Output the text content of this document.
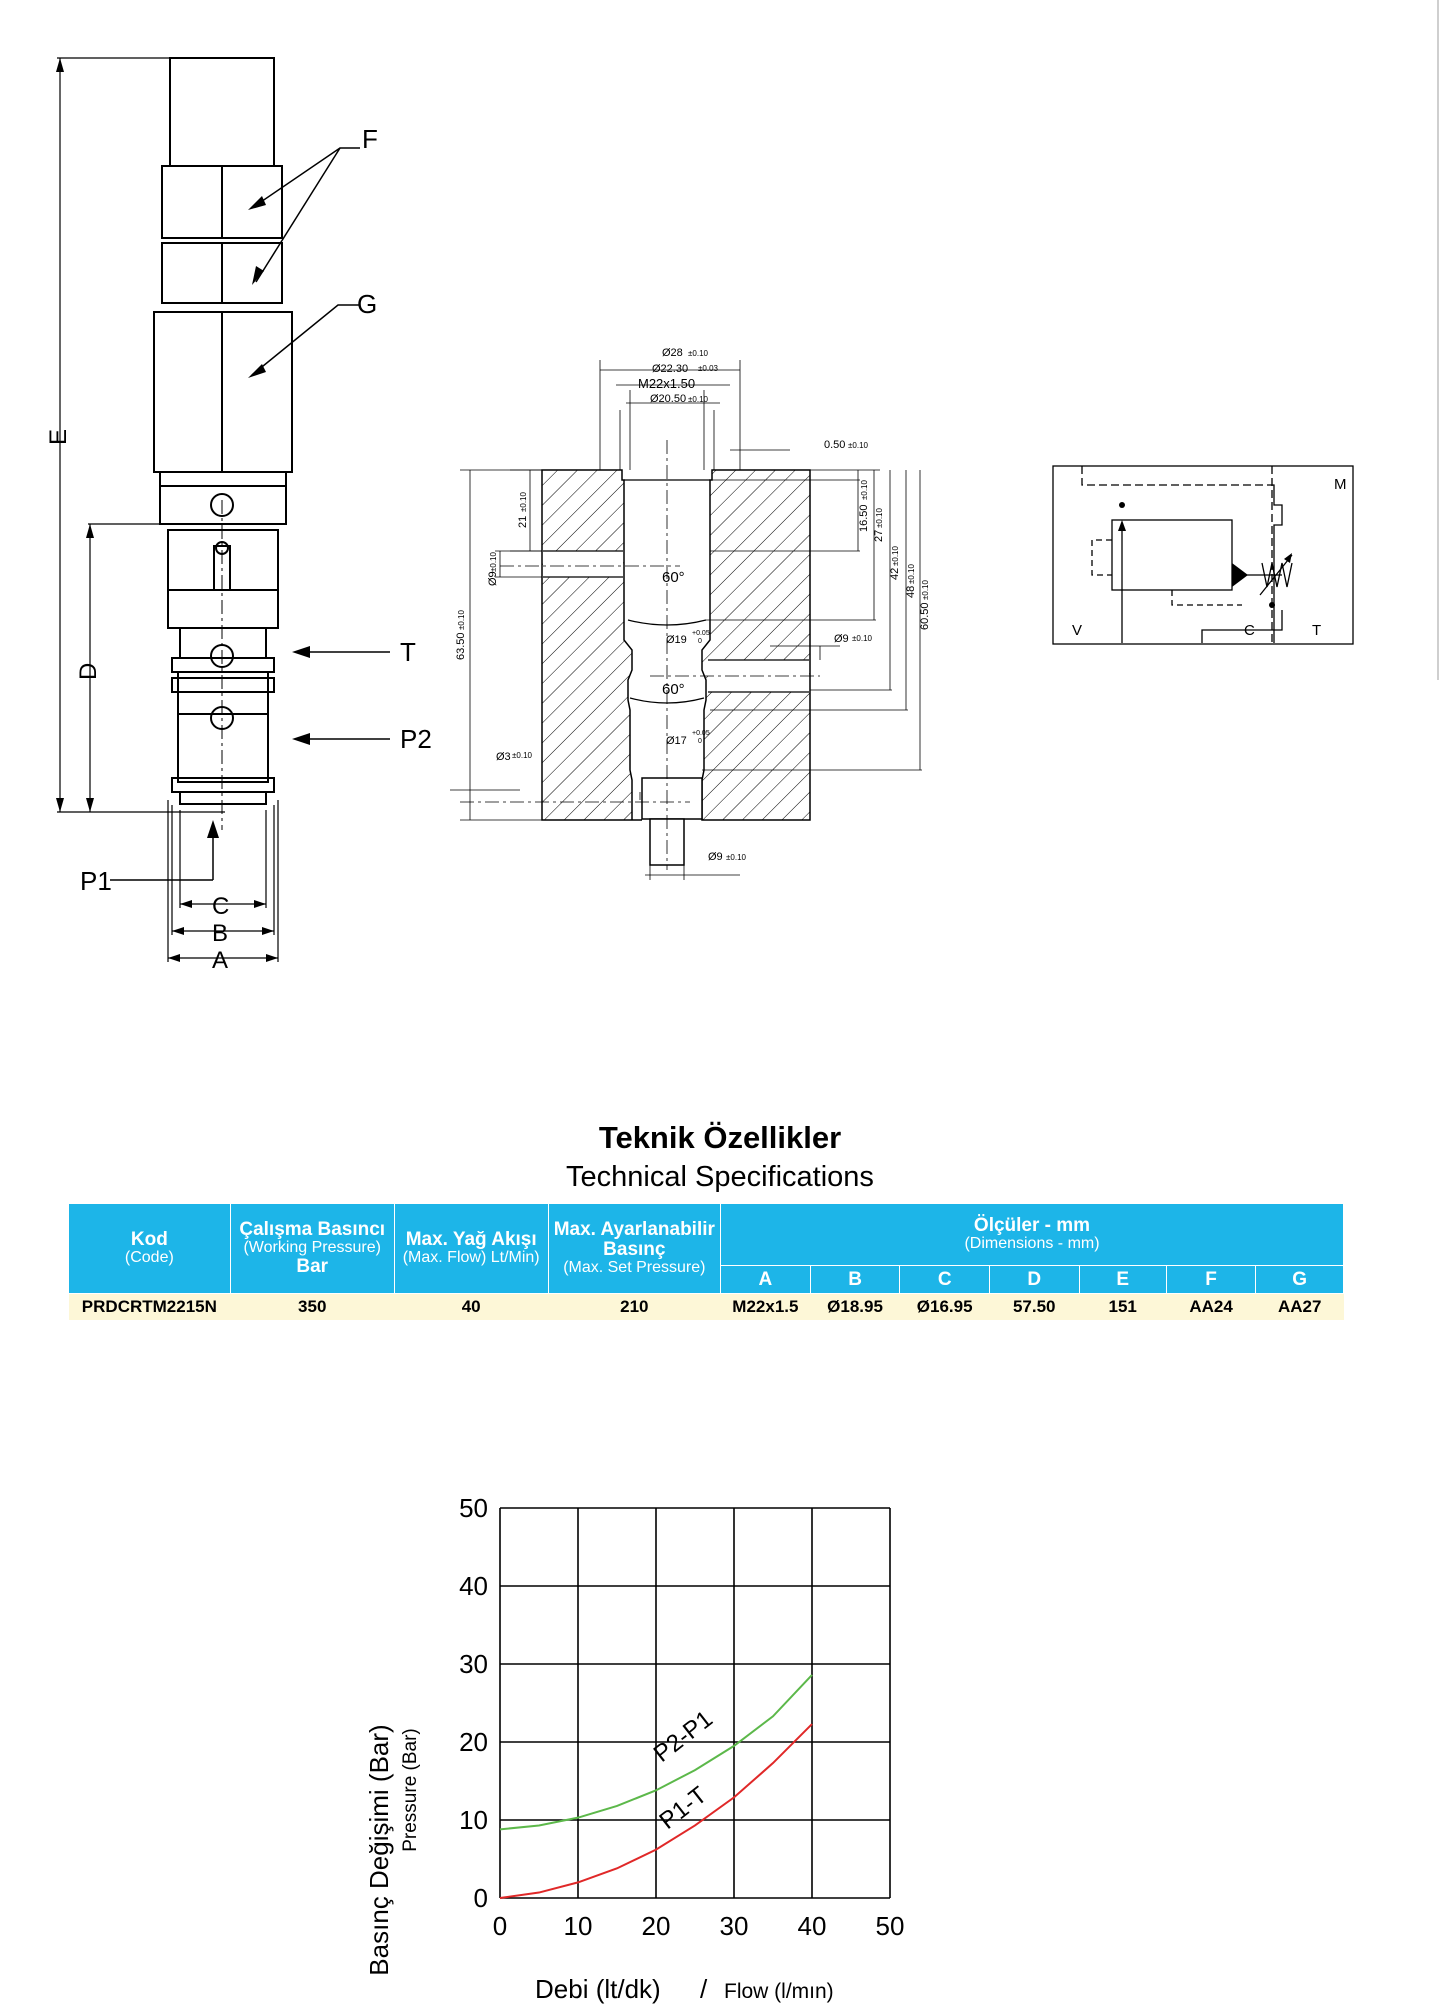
F
G
E
D
T
P2
P1
C
B
A
Ø28 ±0.10
Ø22.30 ±0.03
M22x1.50
Ø20.50 ±0.10
0.50 ±0.10
60°
60°
Ø19
+0.05
0	Ø9 ±0.10
Ø17
+0.05
0
Ø3 ±0.10
Ø9 ±0.10
16.50
±0.10
27
±0.10
42
±0.10
48
±0.10
60.50
±0.10
21
±0.10
Ø9
±0.10
63.50
±0.10
M
V	C	T
Teknik Özellikler
Technical Specifications
Kod
(Code)	Çalışma Basıncı
(Working Pressure)
Bar	Max. Yağ Akışı
(Max. Flow) Lt/Min)	Max. Ayarlanabilir Basınç
(Max. Set Pressure)	Ölçüler - mm
(Dimensions - mm)						

				A	B	C	D	E	F	G

PRDCRTM2215N	350	40	210	M22x1.5	Ø18.95	Ø16.95	57.50	151	AA24	AA27
P2-P1
P1-T
0 10 20 30 40 50
0
10
20
30
40
50
Basınç Değişimi (Bar) Pressure (Bar)
Debi (lt/dk) / Flow (l/mın)
